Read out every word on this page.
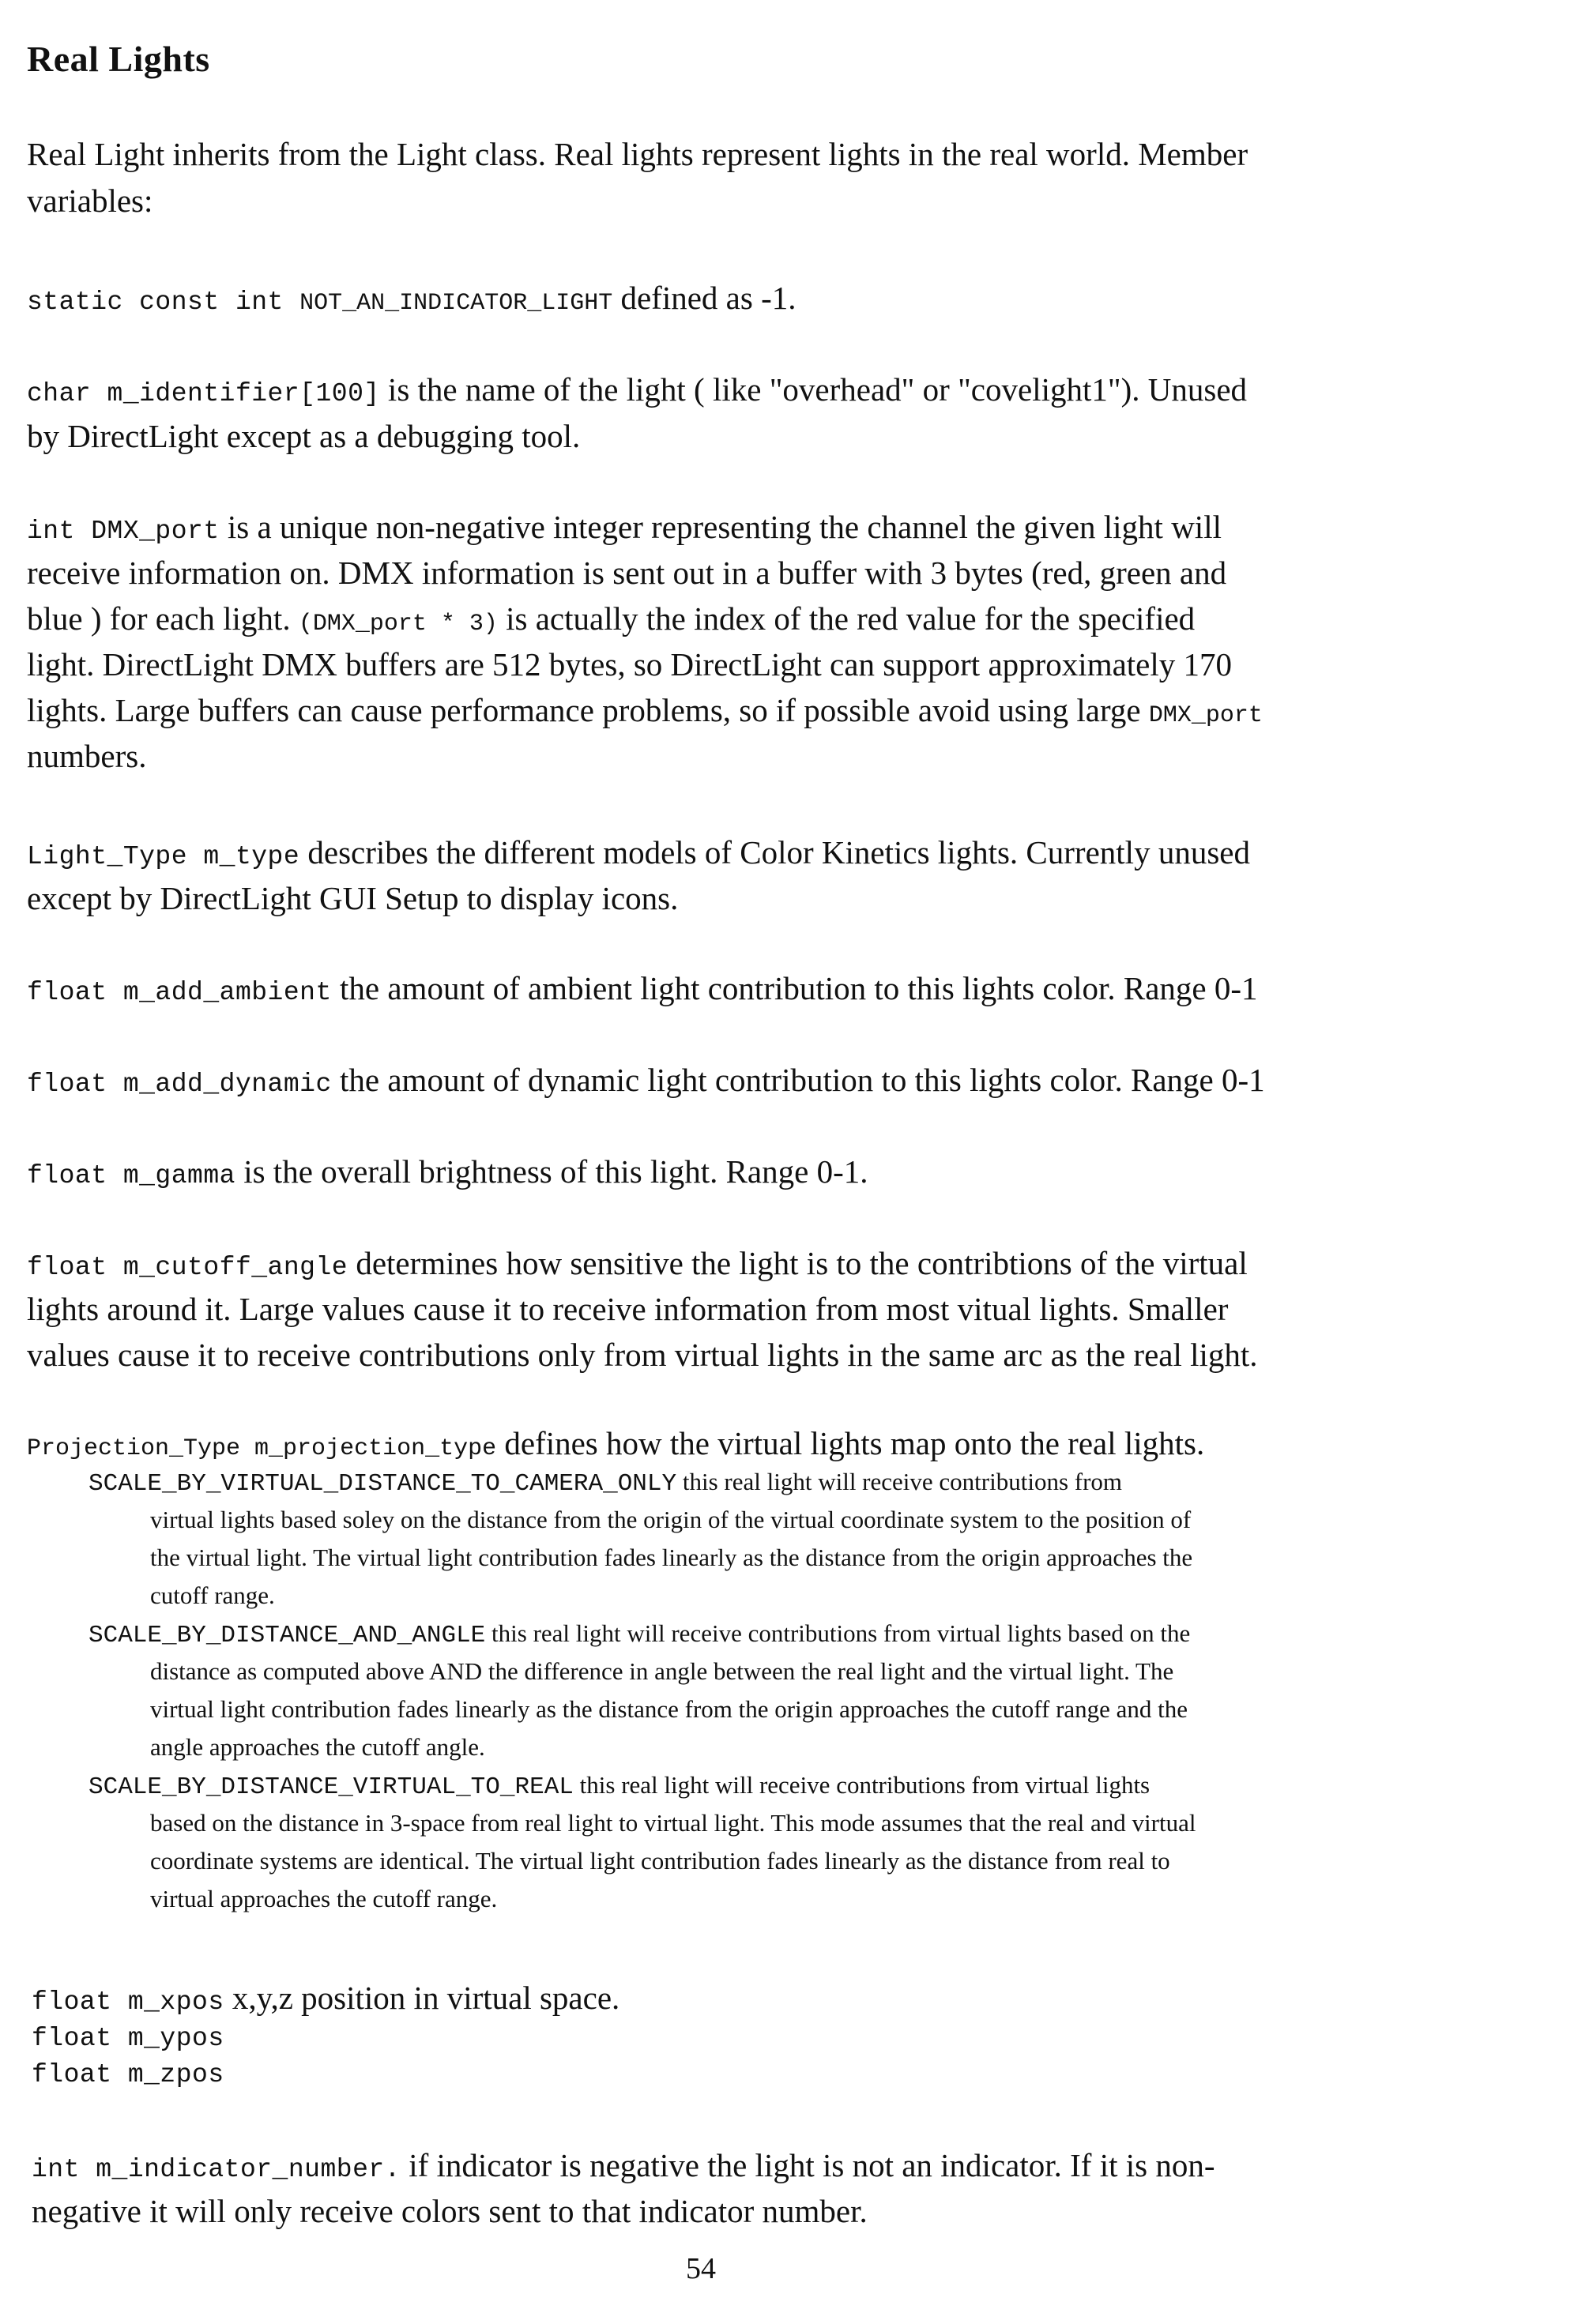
Real Lights
Real Light inherits from the Light class. Real lights represent lights in the real world. Member
variables:
static const int NOT_AN_INDICATOR_LIGHT defined as -1.
char m_identifier[100] is the name of the light ( like "overhead" or "covelight1"). Unused
by DirectLight except as a debugging tool.
int DMX_port is a unique non-negative integer representing the channel the given light will
receive information on. DMX information is sent out in a buffer with 3 bytes (red, green and
blue ) for each light. (DMX_port * 3) is actually the index of the red value for the specified
light. DirectLight DMX buffers are 512 bytes, so DirectLight can support approximately 170
lights. Large buffers can cause performance problems, so if possible avoid using large DMX_port
numbers.
Light_Type m_type describes the different models of Color Kinetics lights. Currently unused
except by DirectLight GUI Setup to display icons.
float m_add_ambient the amount of ambient light contribution to this lights color. Range 0-1
float m_add_dynamic the amount of dynamic light contribution to this lights color. Range 0-1
float m_gamma is the overall brightness of this light. Range 0-1.
float m_cutoff_angle determines how sensitive the light is to the contribtions of the virtual
lights around it. Large values cause it to receive information from most vitual lights. Smaller
values cause it to receive contributions only from virtual lights in the same arc as the real light.
Projection_Type m_projection_type defines how the virtual lights map onto the real lights.
SCALE_BY_VIRTUAL_DISTANCE_TO_CAMERA_ONLY this real light will receive contributions from
virtual lights based soley on the distance from the origin of the virtual coordinate system to the position of
the virtual light. The virtual light contribution fades linearly as the distance from the origin approaches the
cutoff range.
SCALE_BY_DISTANCE_AND_ANGLE this real light will receive contributions from virtual lights based on the
distance as computed above AND the difference in angle between the real light and the virtual light. The
virtual light contribution fades linearly as the distance from the origin approaches the cutoff range and the
angle approaches the cutoff angle.
SCALE_BY_DISTANCE_VIRTUAL_TO_REAL this real light will receive contributions from virtual lights
based on the distance in 3-space from real light to virtual light. This mode assumes that the real and virtual
coordinate systems are identical. The virtual light contribution fades linearly as the distance from real to
virtual approaches the cutoff range.
float m_xpos x,y,z position in virtual space.
float m_ypos
float m_zpos
int m_indicator_number. if indicator is negative the light is not an indicator. If it is non-
negative it will only receive colors sent to that indicator number.
54
